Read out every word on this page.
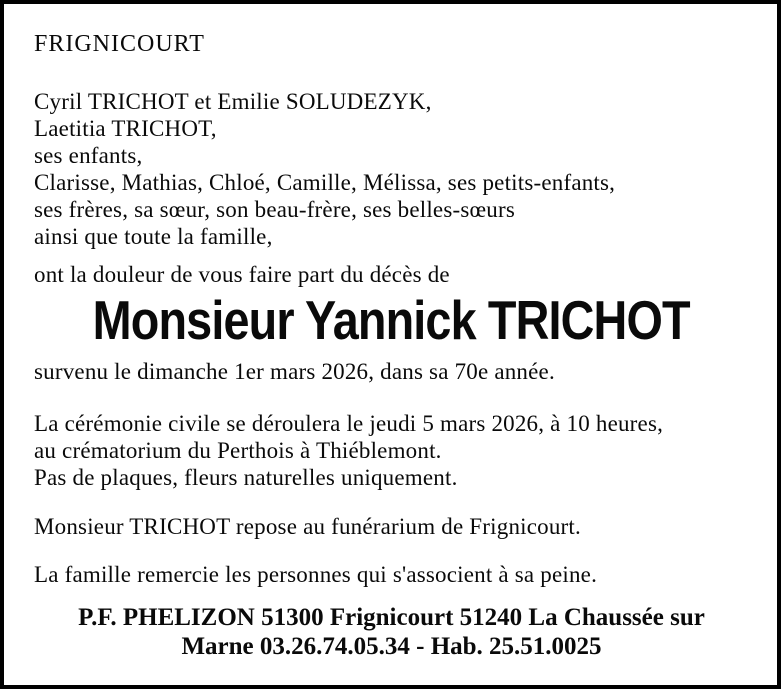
FRIGNICOURT
Cyril TRICHOT et Emilie SOLUDEZYK,
Laetitia TRICHOT,
ses enfants,
Clarisse, Mathias, Chloé, Camille, Mélissa, ses petits-enfants,
ses frères, sa sœur, son beau-frère, ses belles-sœurs
ainsi que toute la famille,
ont la douleur de vous faire part du décès de
Monsieur Yannick TRICHOT
survenu le dimanche 1er mars 2026, dans sa 70e année.
La cérémonie civile se déroulera le jeudi 5 mars 2026, à 10 heures,
au crématorium du Perthois à Thiéblemont.
Pas de plaques, fleurs naturelles uniquement.
Monsieur TRICHOT repose au funérarium de Frignicourt.
La famille remercie les personnes qui s'associent à sa peine.
P.F. PHELIZON 51300 Frignicourt 51240 La Chaussée sur
Marne 03.26.74.05.34 - Hab. 25.51.0025
